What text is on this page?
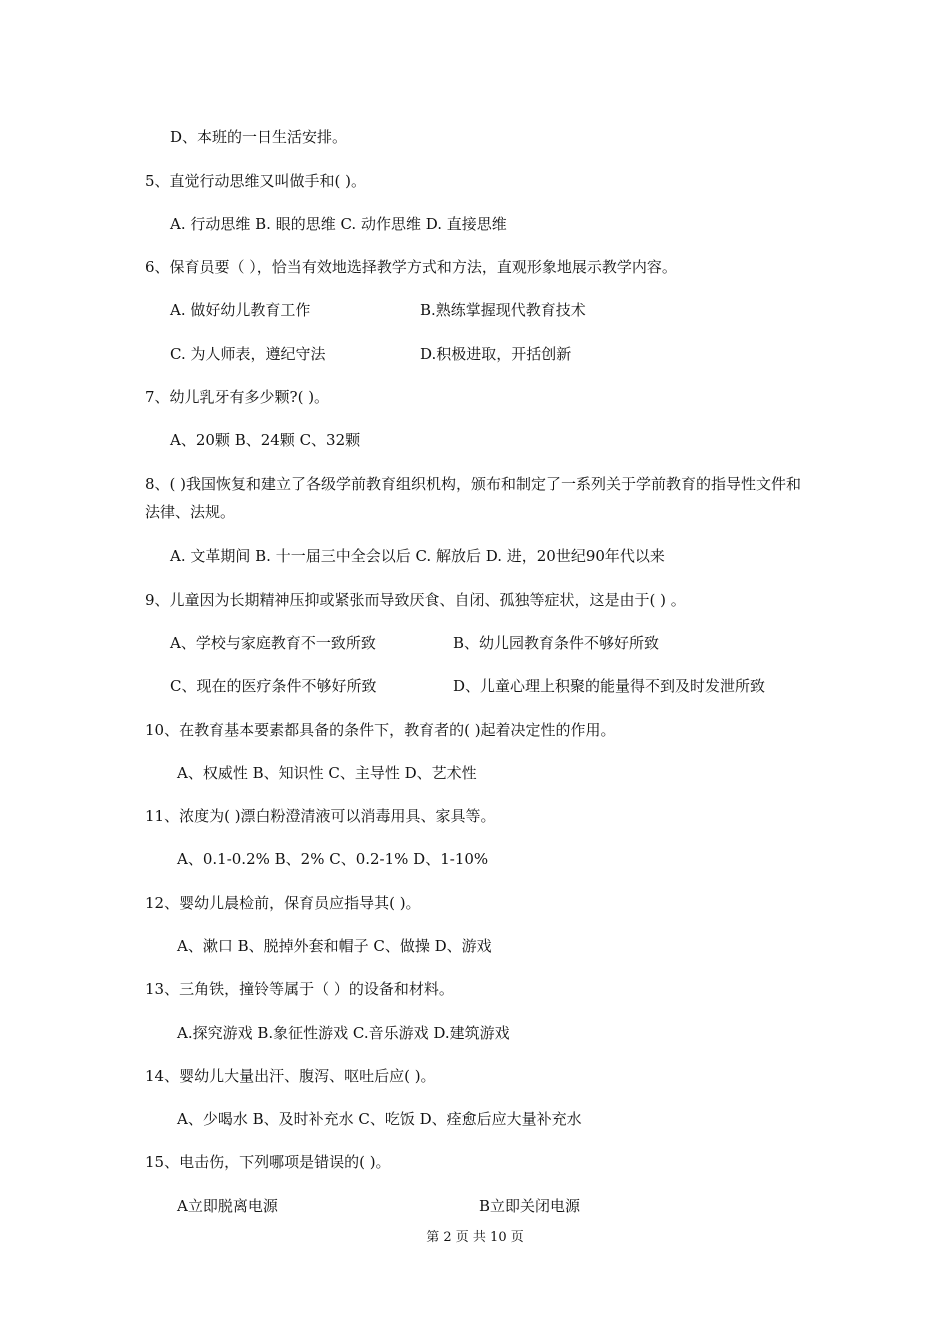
D、本班的一日生活安排。
5、直觉行动思维又叫做手和( )。
A. 行动思维 B. 眼的思维 C. 动作思维 D. 直接思维
6、保育员要（ ），恰当有效地选择教学方式和方法，直观形象地展示教学内容。
A. 做好幼儿教育工作	B.熟练掌握现代教育技术
C. 为人师表，遵纪守法	D.积极进取，开括创新
7、幼儿乳牙有多少颗?( )。
A、20颗 B、24颗 C、32颗
8、( )我国恢复和建立了各级学前教育组织机构，颁布和制定了一系列关于学前教育的指导性文件和法律、法规。
A. 文革期间 B. 十一届三中全会以后 C. 解放后 D. 进，20世纪90年代以来
9、儿童因为长期精神压抑或紧张而导致厌食、自闭、孤独等症状，这是由于( ) 。
A、学校与家庭教育不一致所致	B、幼儿园教育条件不够好所致
C、现在的医疗条件不够好所致	D、儿童心理上积聚的能量得不到及时发泄所致
10、在教育基本要素都具备的条件下，教育者的( )起着决定性的作用。
A、权威性 B、知识性 C、主导性 D、艺术性
11、浓度为( )漂白粉澄清液可以消毒用具、家具等。
A、0.1-0.2% B、2% C、0.2-1% D、1-10%
12、婴幼儿晨检前，保育员应指导其( )。
A、漱口 B、脱掉外套和帽子 C、做操 D、游戏
13、三角铁，撞铃等属于（ ）的设备和材料。
A.探究游戏 B.象征性游戏 C.音乐游戏 D.建筑游戏
14、婴幼儿大量出汗、腹泻、呕吐后应( )。
A、少喝水 B、及时补充水 C、吃饭 D、痊愈后应大量补充水
15、电击伤，下列哪项是错误的( )。
A立即脱离电源	B立即关闭电源
第 2 页 共 10 页
